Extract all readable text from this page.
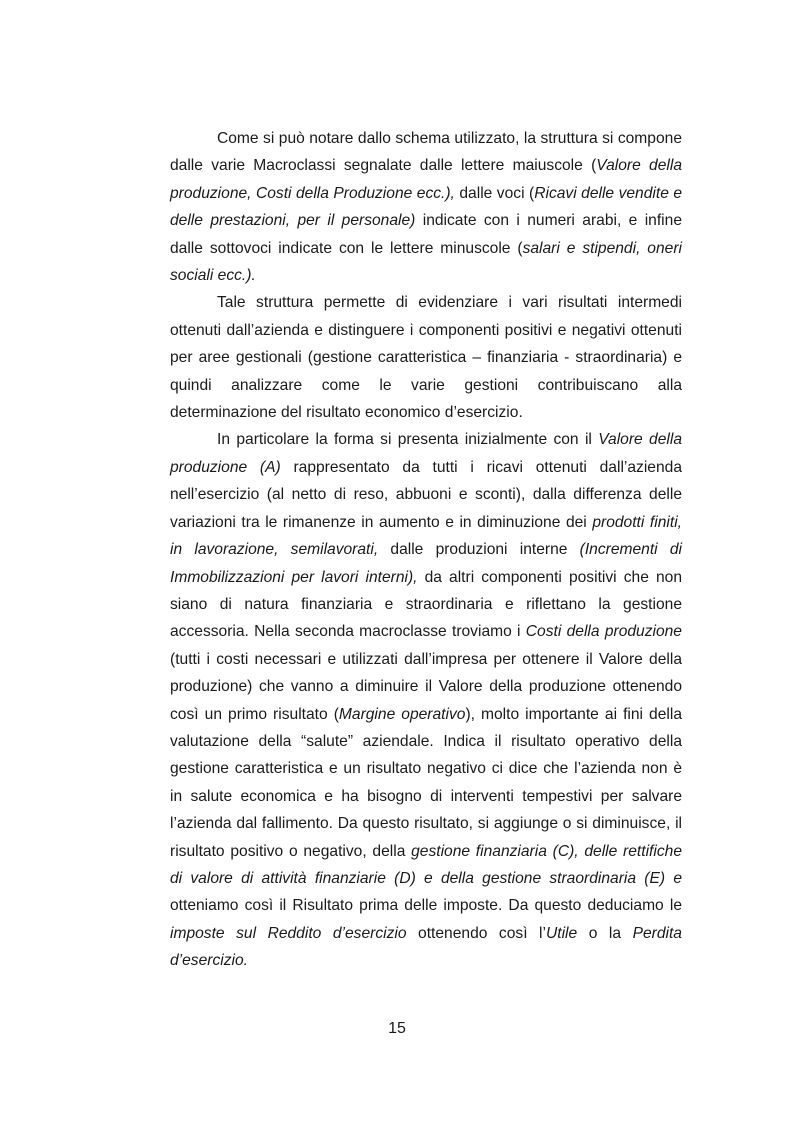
Come si può notare dallo schema utilizzato, la struttura si compone dalle varie Macroclassi segnalate dalle lettere maiuscole (Valore della produzione, Costi della Produzione ecc.), dalle voci (Ricavi delle vendite e delle prestazioni, per il personale) indicate con i numeri arabi, e infine dalle sottovoci indicate con le lettere minuscole (salari e stipendi, oneri sociali ecc.).

Tale struttura permette di evidenziare i vari risultati intermedi ottenuti dall’azienda e distinguere i componenti positivi e negativi ottenuti per aree gestionali (gestione caratteristica – finanziaria - straordinaria) e quindi analizzare come le varie gestioni contribuiscano alla determinazione del risultato economico d’esercizio.

In particolare la forma si presenta inizialmente con il Valore della produzione (A) rappresentato da tutti i ricavi ottenuti dall’azienda nell’esercizio (al netto di reso, abbuoni e sconti), dalla differenza delle variazioni tra le rimanenze in aumento e in diminuzione dei prodotti finiti, in lavorazione, semilavorati, dalle produzioni interne (Incrementi di Immobilizzazioni per lavori interni), da altri componenti positivi che non siano di natura finanziaria e straordinaria e riflettano la gestione accessoria. Nella seconda macroclasse troviamo i Costi della produzione (tutti i costi necessari e utilizzati dall’impresa per ottenere il Valore della produzione) che vanno a diminuire il Valore della produzione ottenendo così un primo risultato (Margine operativo), molto importante ai fini della valutazione della “salute” aziendale. Indica il risultato operativo della gestione caratteristica e un risultato negativo ci dice che l’azienda non è in salute economica e ha bisogno di interventi tempestivi per salvare l’azienda dal fallimento. Da questo risultato, si aggiunge o si diminuisce, il risultato positivo o negativo, della gestione finanziaria (C), delle rettifiche di valore di attività finanziarie (D) e della gestione straordinaria (E) e otteniamo così il Risultato prima delle imposte. Da questo deduciamo le imposte sul Reddito d’esercizio ottenendo così l’Utile o la Perdita d’esercizio.

15
